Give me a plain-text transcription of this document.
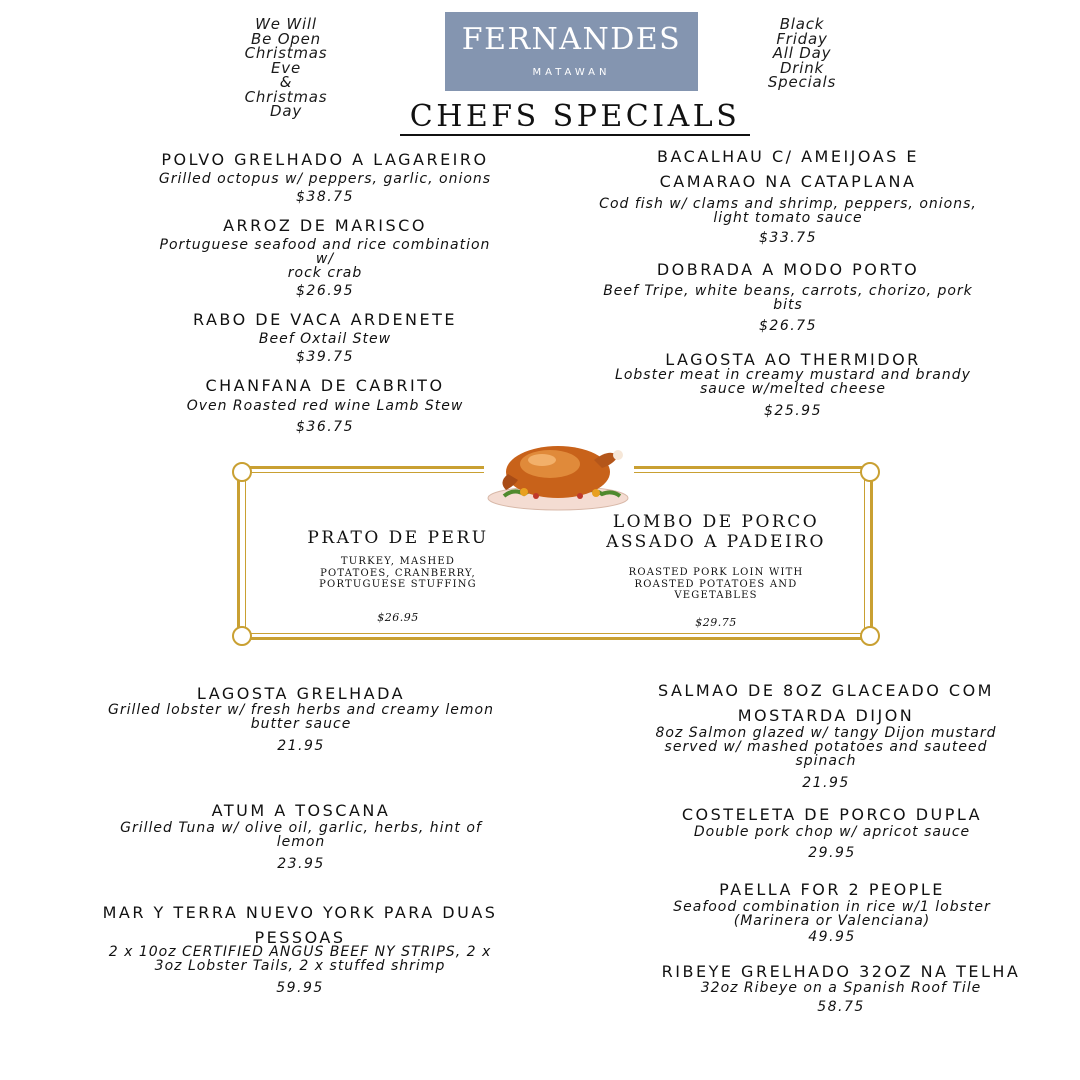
We Will
Be Open
Christmas
Eve
&
Christmas
Day
FERNANDES
MATAWAN
Black
Friday
All Day
Drink
Specials
CHEFS SPECIALS
POLVO GRELHADO A LAGAREIRO
Grilled octopus w/ peppers, garlic, onions
$38.75
ARROZ DE MARISCO
Portuguese seafood and rice combination w/
rock crab
$26.95
RABO DE VACA ARDENETE
Beef Oxtail Stew
$39.75
CHANFANA DE CABRITO
Oven Roasted red wine Lamb Stew
$36.75
BACALHAU C/ AMEIJOAS E
CAMARAO NA CATAPLANA
Cod fish w/ clams and shrimp, peppers, onions,
light tomato sauce
$33.75
DOBRADA A MODO PORTO
Beef Tripe, white beans, carrots, chorizo, pork
bits
$26.75
LAGOSTA AO THERMIDOR
Lobster meat in creamy mustard and brandy
sauce w/melted cheese
$25.95
PRATO DE PERU
TURKEY, MASHED
POTATOES, CRANBERRY,
PORTUGUESE STUFFING
$26.95
LOMBO DE PORCO
ASSADO A PADEIRO
ROASTED PORK LOIN WITH
ROASTED POTATOES AND
VEGETABLES
$29.75
LAGOSTA GRELHADA
Grilled lobster w/ fresh herbs and creamy lemon
butter sauce
21.95
ATUM A TOSCANA
Grilled Tuna w/ olive oil, garlic, herbs, hint of
lemon
23.95
MAR Y TERRA NUEVO YORK PARA DUAS
PESSOAS
2 x 10oz CERTIFIED ANGUS BEEF NY STRIPS, 2 x
3oz Lobster Tails, 2 x stuffed shrimp
59.95
SALMAO DE 8OZ GLACEADO COM
MOSTARDA DIJON
8oz Salmon glazed w/ tangy Dijon mustard
served w/ mashed potatoes and sauteed
spinach
21.95
COSTELETA DE PORCO DUPLA
Double pork chop w/ apricot sauce
29.95
PAELLA FOR 2 PEOPLE
Seafood combination in rice w/1 lobster
(Marinera or Valenciana)
49.95
RIBEYE GRELHADO 32OZ NA TELHA
32oz Ribeye on a Spanish Roof Tile
58.75
